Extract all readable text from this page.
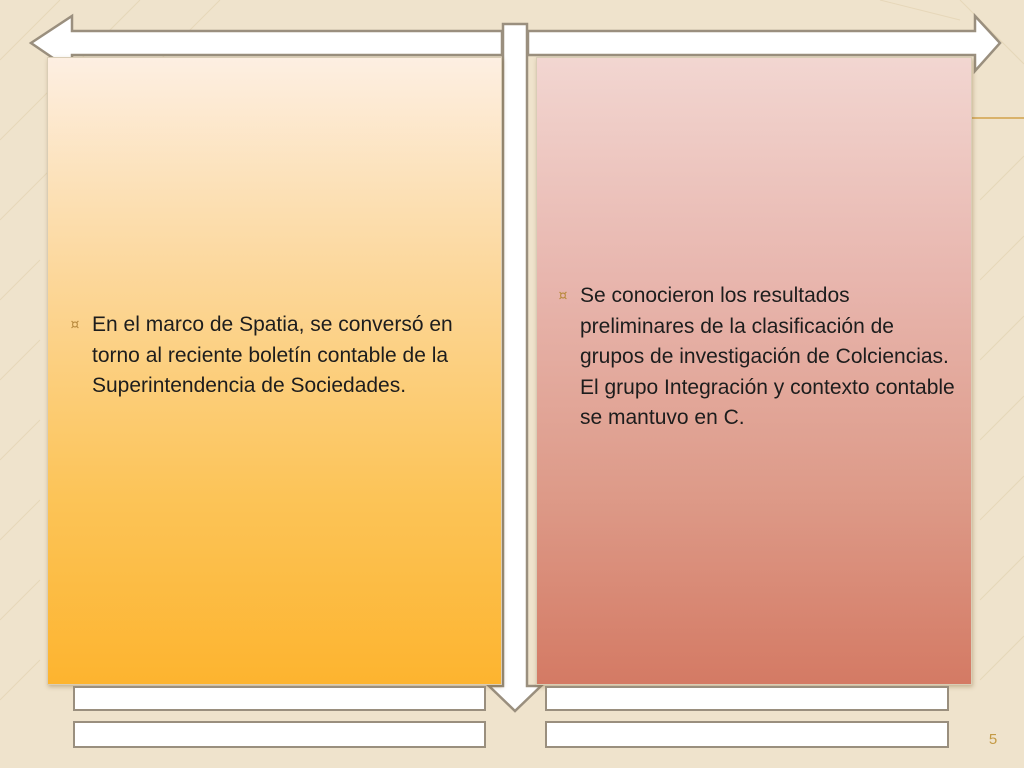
¤ En el marco de Spatia, se conversó en torno al reciente boletín contable de la Superintendencia de Sociedades.
¤ Se conocieron los resultados preliminares de la clasificación de grupos de investigación de Colciencias. El grupo Integración y contexto contable se mantuvo en C.
5
